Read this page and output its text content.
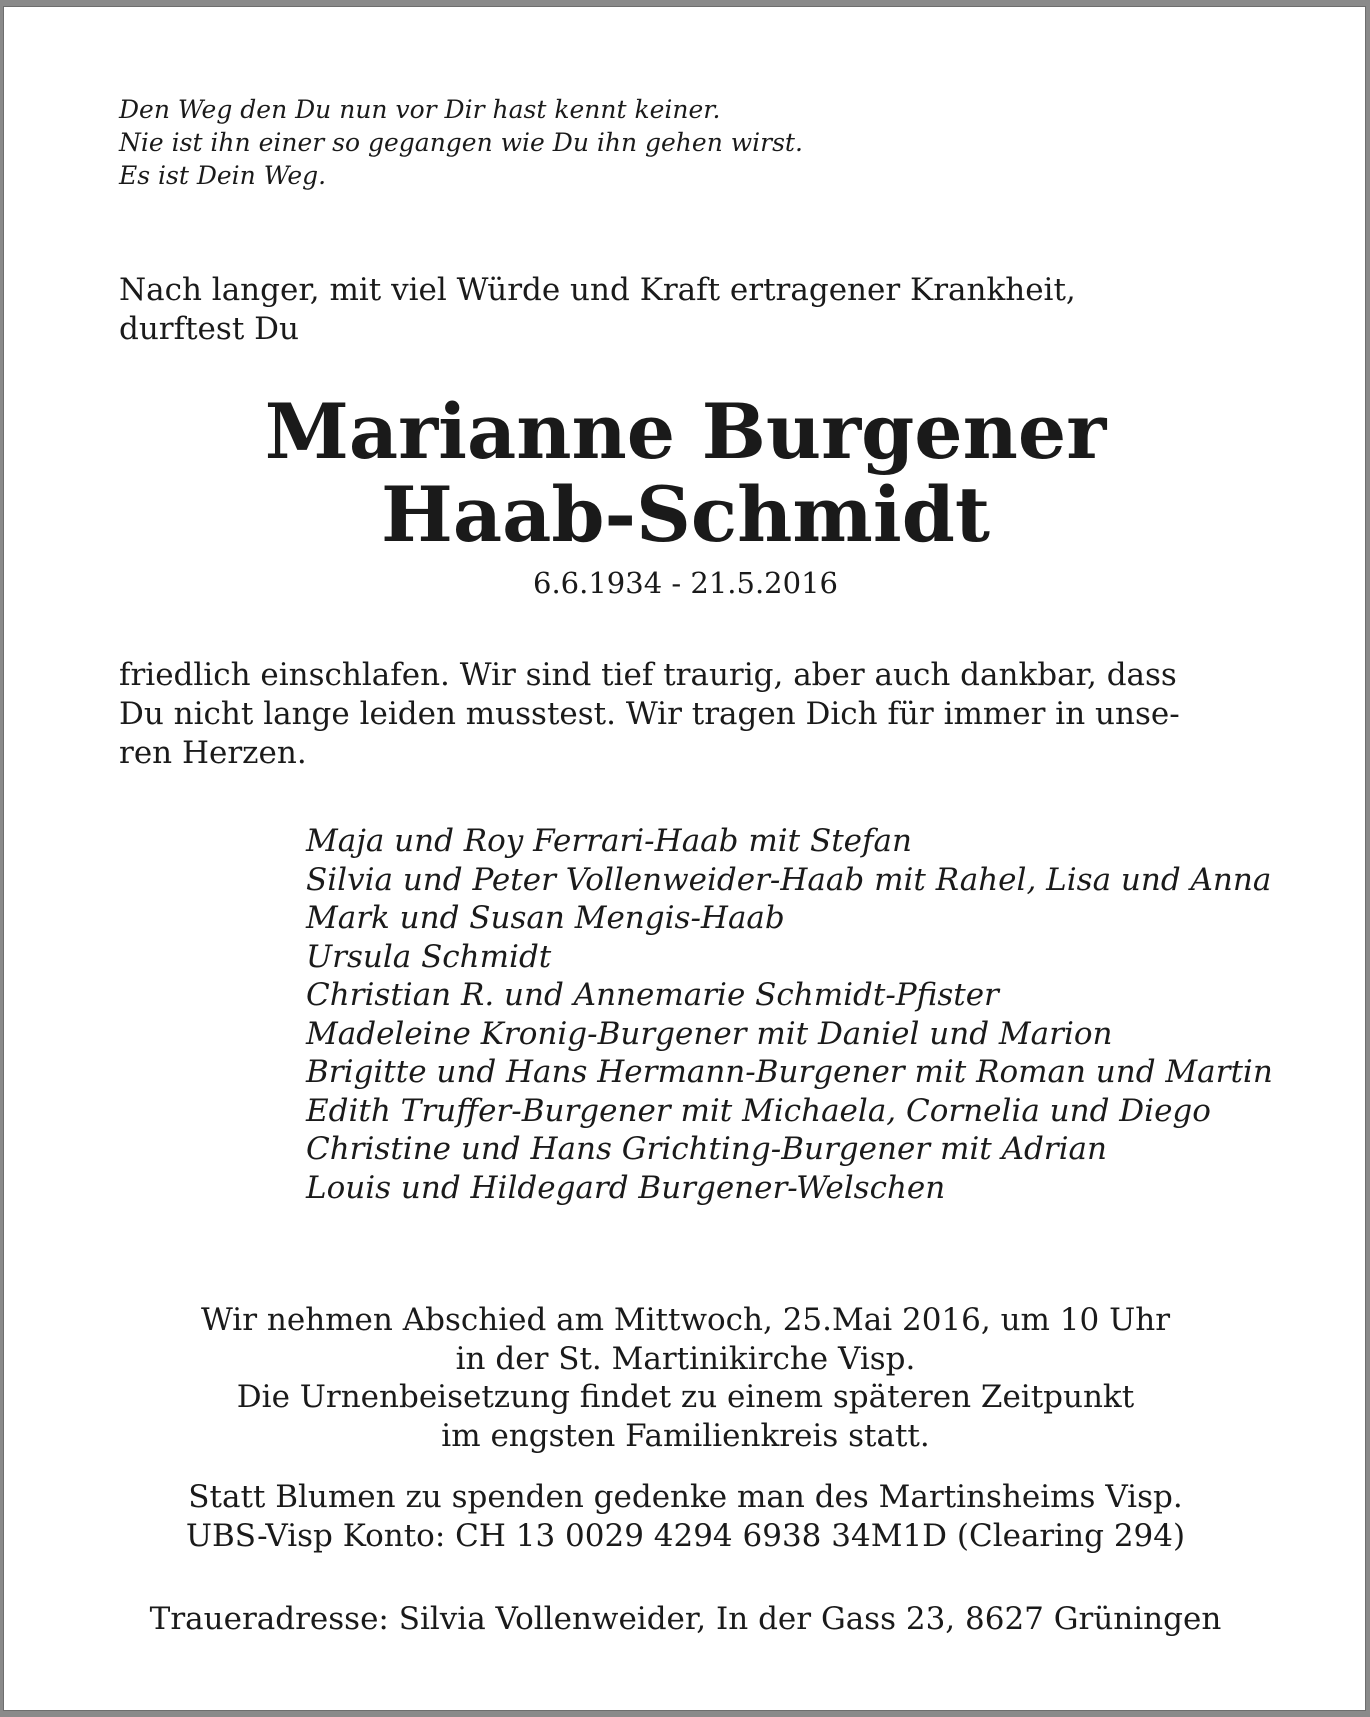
Den Weg den Du nun vor Dir hast kennt keiner.
Nie ist ihn einer so gegangen wie Du ihn gehen wirst.
Es ist Dein Weg.
Nach langer, mit viel Würde und Kraft ertragener Krankheit,
durftest Du
Marianne Burgener
Haab-Schmidt
6.6.1934 - 21.5.2016
friedlich einschlafen. Wir sind tief traurig, aber auch dankbar, dass
Du nicht lange leiden musstest. Wir tragen Dich für immer in unse-
ren Herzen.
Maja und Roy Ferrari-Haab mit Stefan
Silvia und Peter Vollenweider-Haab mit Rahel, Lisa und Anna
Mark und Susan Mengis-Haab
Ursula Schmidt
Christian R. und Annemarie Schmidt-Pfister
Madeleine Kronig-Burgener mit Daniel und Marion
Brigitte und Hans Hermann-Burgener mit Roman und Martin
Edith Truffer-Burgener mit Michaela, Cornelia und Diego
Christine und Hans Grichting-Burgener mit Adrian
Louis und Hildegard Burgener-Welschen
Wir nehmen Abschied am Mittwoch, 25.Mai 2016, um 10 Uhr
in der St. Martinikirche Visp.
Die Urnenbeisetzung findet zu einem späteren Zeitpunkt
im engsten Familienkreis statt.
Statt Blumen zu spenden gedenke man des Martinsheims Visp.
UBS-Visp Konto: CH 13 0029 4294 6938 34M1D (Clearing 294)
Traueradresse: Silvia Vollenweider, In der Gass 23, 8627 Grüningen
